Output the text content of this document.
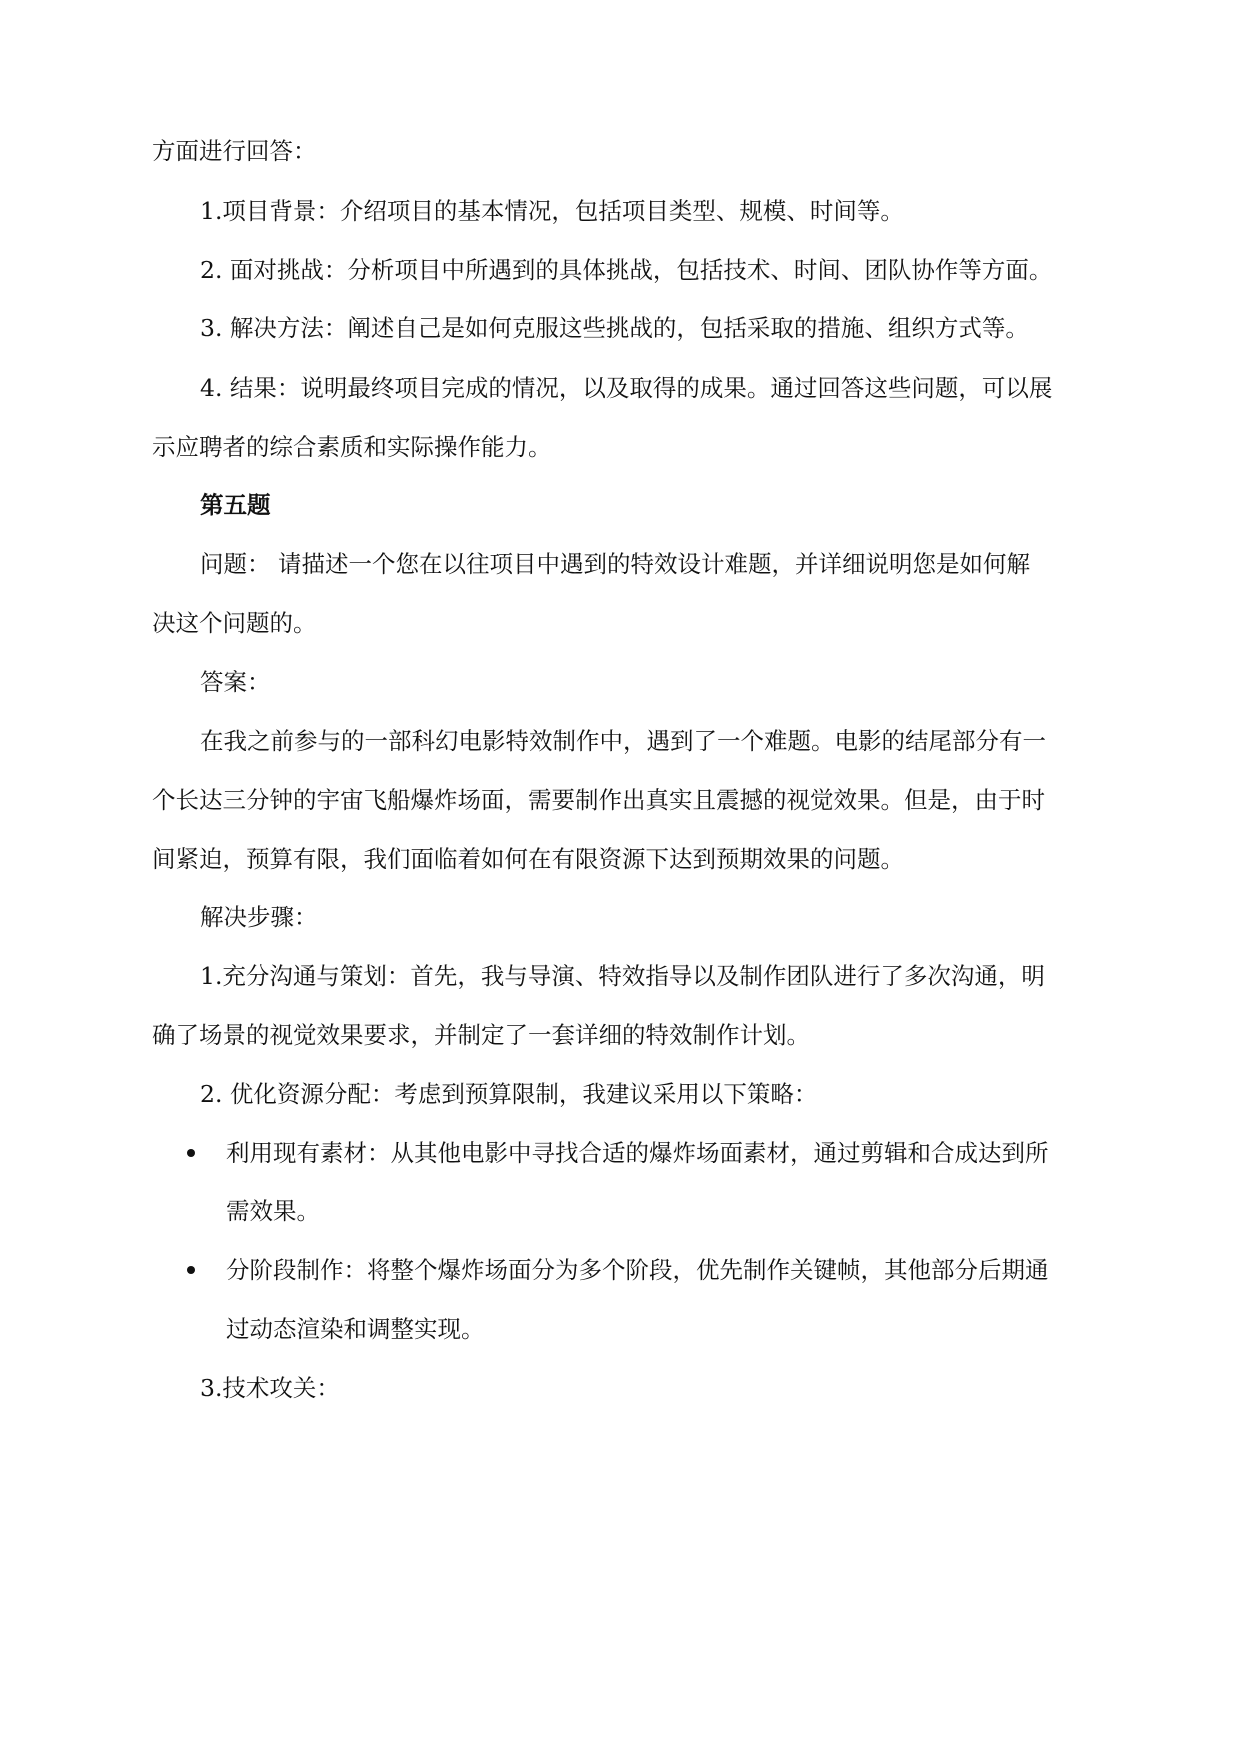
方面进行回答：
1.项目背景：介绍项目的基本情况，包括项目类型、规模、时间等。
2. 面对挑战：分析项目中所遇到的具体挑战，包括技术、时间、团队协作等方面。
3. 解决方法：阐述自己是如何克服这些挑战的，包括采取的措施、组织方式等。
4. 结果：说明最终项目完成的情况，以及取得的成果。通过回答这些问题，可以展
示应聘者的综合素质和实际操作能力。
第五题
问题： 请描述一个您在以往项目中遇到的特效设计难题，并详细说明您是如何解
决这个问题的。
答案：
在我之前参与的一部科幻电影特效制作中，遇到了一个难题。电影的结尾部分有一
个长达三分钟的宇宙飞船爆炸场面，需要制作出真实且震撼的视觉效果。但是，由于时
间紧迫，预算有限，我们面临着如何在有限资源下达到预期效果的问题。
解决步骤：
1.充分沟通与策划：首先，我与导演、特效指导以及制作团队进行了多次沟通，明
确了场景的视觉效果要求，并制定了一套详细的特效制作计划。
2. 优化资源分配：考虑到预算限制，我建议采用以下策略：
利用现有素材：从其他电影中寻找合适的爆炸场面素材，通过剪辑和合成达到所
需效果。
分阶段制作：将整个爆炸场面分为多个阶段，优先制作关键帧，其他部分后期通
过动态渲染和调整实现。
3.技术攻关：
